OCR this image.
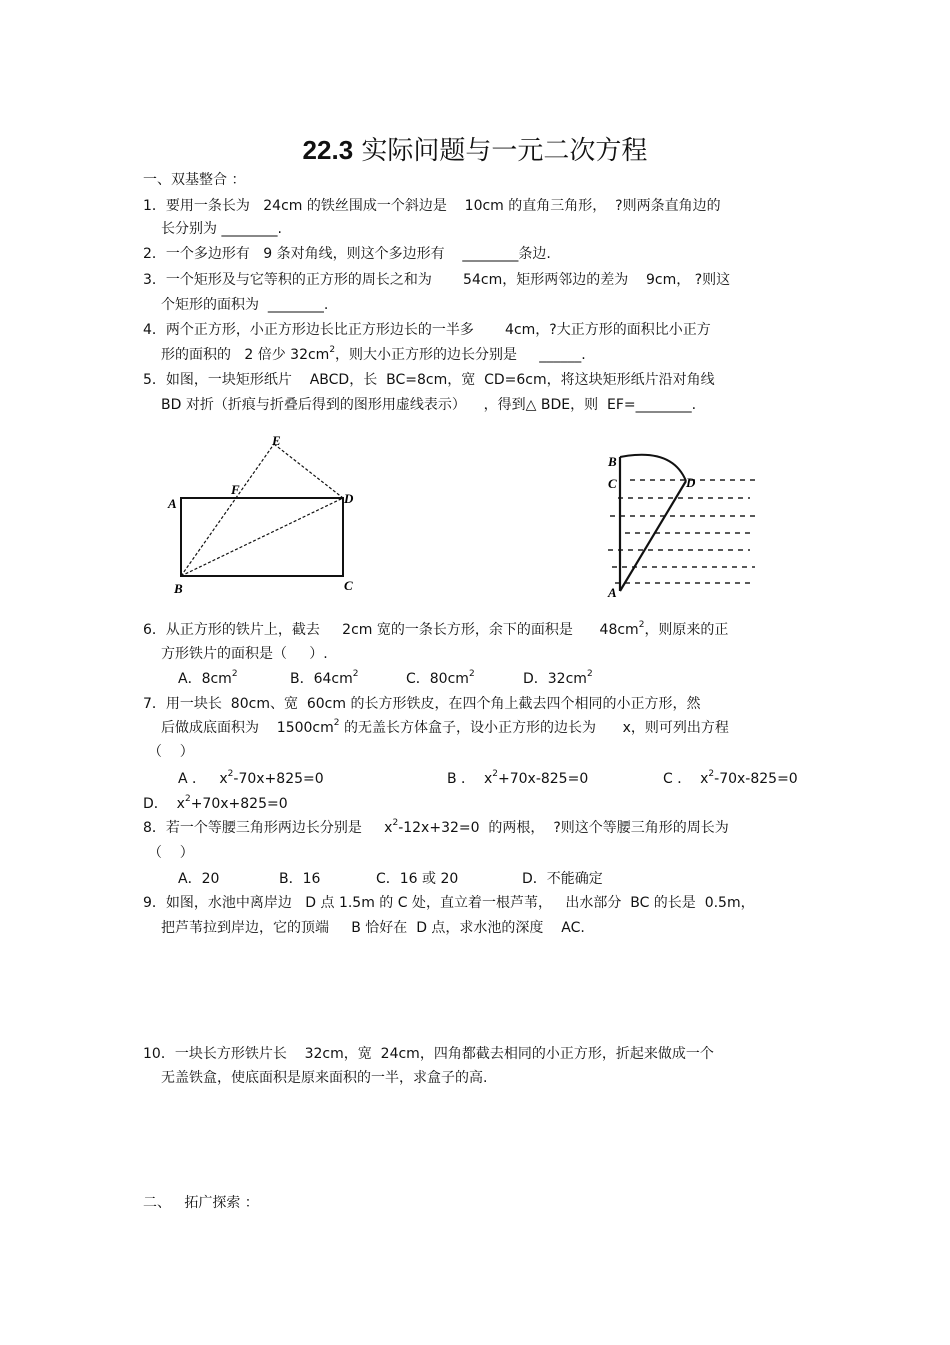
22.3 实际问题与一元二次方程
一、双基整合 ：
1．要用一条长为   24cm 的铁丝围成一个斜边是    10cm 的直角三角形，  ?则两条直角边的
长分别为 ________.
2．一个多边形有   9 条对角线，则这个多边形有    ________条边.
3．一个矩形及与它等积的正方形的周长之和为       54cm，矩形两邻边的差为    9cm， ?则这
个矩形的面积为  ________.
4．两个正方形，小正方形边长比正方形边长的一半多       4cm，?大正方形的面积比小正方
形的面积的   2 倍少 $32cm^2$，则大小正方形的边长分别是     ______.
5．如图，一块矩形纸片    ABCD，长  BC=8cm，宽  CD=6cm，将这块矩形纸片沿对角线
BD 对折（折痕与折叠后得到的图形用虚线表示）    ，得到△ BDE，则  EF=________.
A
B	C
D
E
F
B
C	D
A
6．从正方形的铁片上，截去     2cm 宽的一条长方形，余下的面积是      $48cm^2$，则原来的正
方形铁片的面积是（     ）.
A．$8cm^2$	B．$64cm^2$	C．$80cm^2$	D．$32cm^2$
7．用一块长  80cm、宽  60cm 的长方形铁皮，在四个角上截去四个相同的小正方形，然
后做成底面积为    $1500cm^2$ 的无盖长方体盒子，设小正方形的边长为      x，则可列出方程
（    ）
A ．   $x^2-70x+825=0$	B ．  $x^2+70x-825=0$	C ．  $x^2-70x-825=0$
D．  $x^2+70x+825=0$
8．若一个等腰三角形两边长分别是     $x^2-12x+32=0$  的两根，  ?则这个等腰三角形的周长为
（    ）
A．20	B．16	C．16 或 20	D．不能确定
9．如图，水池中离岸边   D 点 1.5m 的 C 处，直立着一根芦苇，   出水部分  BC 的长是  0.5m，
把芦苇拉到岸边，它的顶端     B 恰好在  D 点，求水池的深度    AC.
10．一块长方形铁片长    32cm，宽  24cm，四角都截去相同的小正方形，折起来做成一个
无盖铁盒，使底面积是原来面积的一半，求盒子的高.
二、   拓广探索 ：
